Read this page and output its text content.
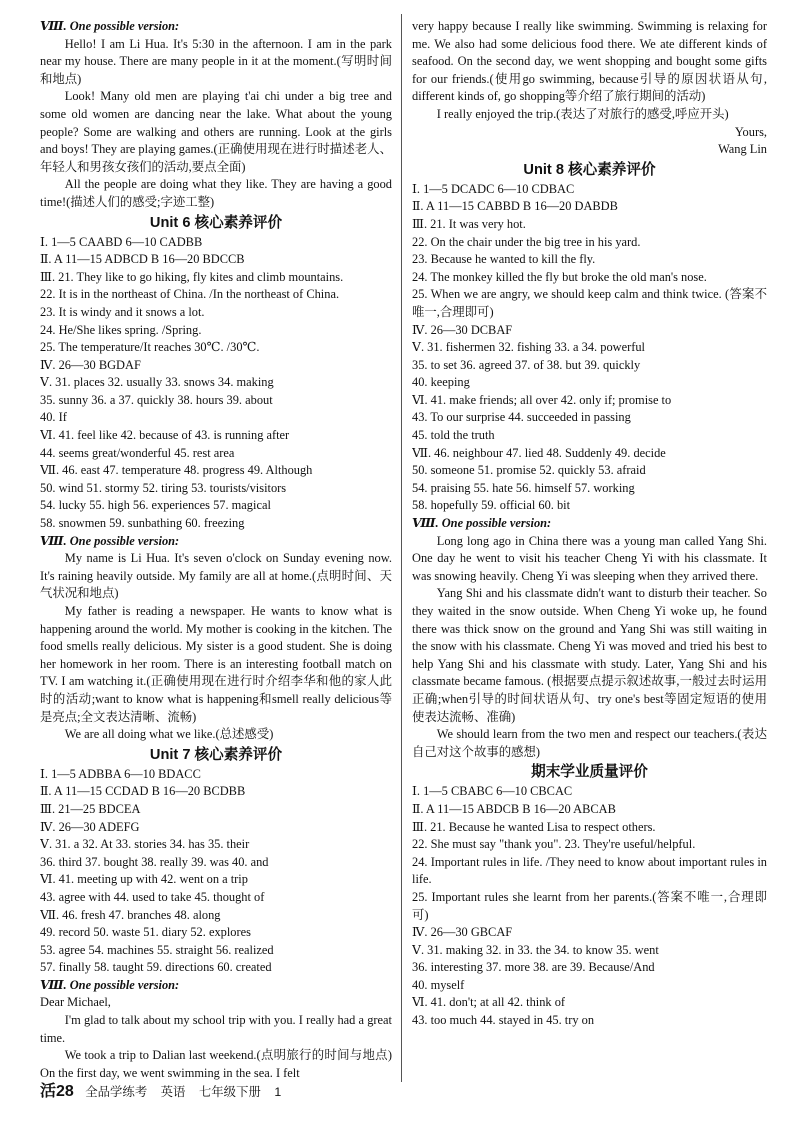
Ⅷ. One possible version:
Hello! I am Li Hua. It's 5:30 in the afternoon. I am in the park near my house. There are many people in it at the moment.(写明时间和地点)
Look! Many old men are playing t'ai chi under a big tree and some old women are dancing near the lake. What about the young people? Some are walking and others are running. Look at the girls and boys! They are playing games.(正确使用现在进行时描述老人、年轻人和男孩女孩们的活动,要点全面)
All the people are doing what they like. They are having a good time!(描述人们的感受;字迹工整)
Unit 6 核心素养评价
Ⅰ. 1—5 CAABD 6—10 CADBB
Ⅱ. A 11—15 ADBCD B 16—20 BDCCB
Ⅲ. 21. They like to go hiking, fly kites and climb mountains.
22. It is in the northeast of China. /In the northeast of China.
23. It is windy and it snows a lot.
24. He/She likes spring. /Spring.
25. The temperature/It reaches 30℃. /30℃.
Ⅳ. 26—30 BGDAF
Ⅴ. 31. places 32. usually 33. snows 34. making
35. sunny 36. a 37. quickly 38. hours 39. about
40. If
Ⅵ. 41. feel like 42. because of 43. is running after
44. seems great/wonderful 45. rest area
Ⅶ. 46. east 47. temperature 48. progress 49. Although
50. wind 51. stormy 52. tiring 53. tourists/visitors
54. lucky 55. high 56. experiences 57. magical
58. snowmen 59. sunbathing 60. freezing
Ⅷ. One possible version:
My name is Li Hua. It's seven o'clock on Sunday evening now. It's raining heavily outside. My family are all at home.(点明时间、天气状况和地点)
My father is reading a newspaper. He wants to know what is happening around the world. My mother is cooking in the kitchen. The food smells really delicious. My sister is a good student. She is doing her homework in her room. There is an interesting football match on TV. I am watching it.(正确使用现在进行时介绍李华和他的家人此时的活动;want to know what is happening和smell really delicious等是亮点;全文表达清晰、流畅)
We are all doing what we like.(总述感受)
Unit 7 核心素养评价
Ⅰ. 1—5 ADBBA 6—10 BDACC
Ⅱ. A 11—15 CCDAD B 16—20 BCDBB
Ⅲ. 21—25 BDCEA
Ⅳ. 26—30 ADEFG
Ⅴ. 31. a 32. At 33. stories 34. has 35. their
36. third 37. bought 38. really 39. was 40. and
Ⅵ. 41. meeting up with 42. went on a trip
43. agree with 44. used to take 45. thought of
Ⅶ. 46. fresh 47. branches 48. along
49. record 50. waste 51. diary 52. explores
53. agree 54. machines 55. straight 56. realized
57. finally 58. taught 59. directions 60. created
Ⅷ. One possible version:
Dear Michael,
I'm glad to talk about my school trip with you. I really had a great time.
We took a trip to Dalian last weekend.(点明旅行的时间与地点) On the first day, we went swimming in the sea. I felt
very happy because I really like swimming. Swimming is relaxing for me. We also had some delicious food there. We ate different kinds of seafood. On the second day, we went shopping and bought some gifts for our friends.(使用go swimming, because引导的原因状语从句, different kinds of, go shopping等介绍了旅行期间的活动)
I really enjoyed the trip.(表达了对旅行的感受,呼应开头)
Yours,
Wang Lin
Unit 8 核心素养评价
Ⅰ. 1—5 DCADC 6—10 CDBAC
Ⅱ. A 11—15 CABBD B 16—20 DABDB
Ⅲ. 21. It was very hot.
22. On the chair under the big tree in his yard.
23. Because he wanted to kill the fly.
24. The monkey killed the fly but broke the old man's nose.
25. When we are angry, we should keep calm and think twice. (答案不唯一,合理即可)
Ⅳ. 26—30 DCBAF
Ⅴ. 31. fishermen 32. fishing 33. a 34. powerful
35. to set 36. agreed 37. of 38. but 39. quickly
40. keeping
Ⅵ. 41. make friends; all over 42. only if; promise to
43. To our surprise 44. succeeded in passing
45. told the truth
Ⅶ. 46. neighbour 47. lied 48. Suddenly 49. decide
50. someone 51. promise 52. quickly 53. afraid
54. praising 55. hate 56. himself 57. working
58. hopefully 59. official 60. bit
Ⅷ. One possible version:
Long long ago in China there was a young man called Yang Shi. One day he went to visit his teacher Cheng Yi with his classmate. It was snowing heavily. Cheng Yi was sleeping when they arrived there.
Yang Shi and his classmate didn't want to disturb their teacher. So they waited in the snow outside. When Cheng Yi woke up, he found there was thick snow on the ground and Yang Shi was still waiting in the snow with his classmate. Cheng Yi was moved and tried his best to help Yang Shi and his classmate with study. Later, Yang Shi and his classmate became famous. (根据要点提示叙述故事,一般过去时运用正确;when引导的时间状语从句、try one's best等固定短语的使用使表达流畅、准确)
We should learn from the two men and respect our teachers.(表达自己对这个故事的感想)
期末学业质量评价
Ⅰ. 1—5 CBABC 6—10 CBCAC
Ⅱ. A 11—15 ABDCB B 16—20 ABCAB
Ⅲ. 21. Because he wanted Lisa to respect others.
22. She must say "thank you". 23. They're useful/helpful.
24. Important rules in life. /They need to know about important rules in life.
25. Important rules she learnt from her parents.(答案不唯一,合理即可)
Ⅳ. 26—30 GBCAF
Ⅴ. 31. making 32. in 33. the 34. to know 35. went
36. interesting 37. more 38. are 39. Because/And
40. myself
Ⅵ. 41. don't; at all 42. think of
43. too much 44. stayed in 45. try on
活28 全品学练考 英语 七年级下册 1
